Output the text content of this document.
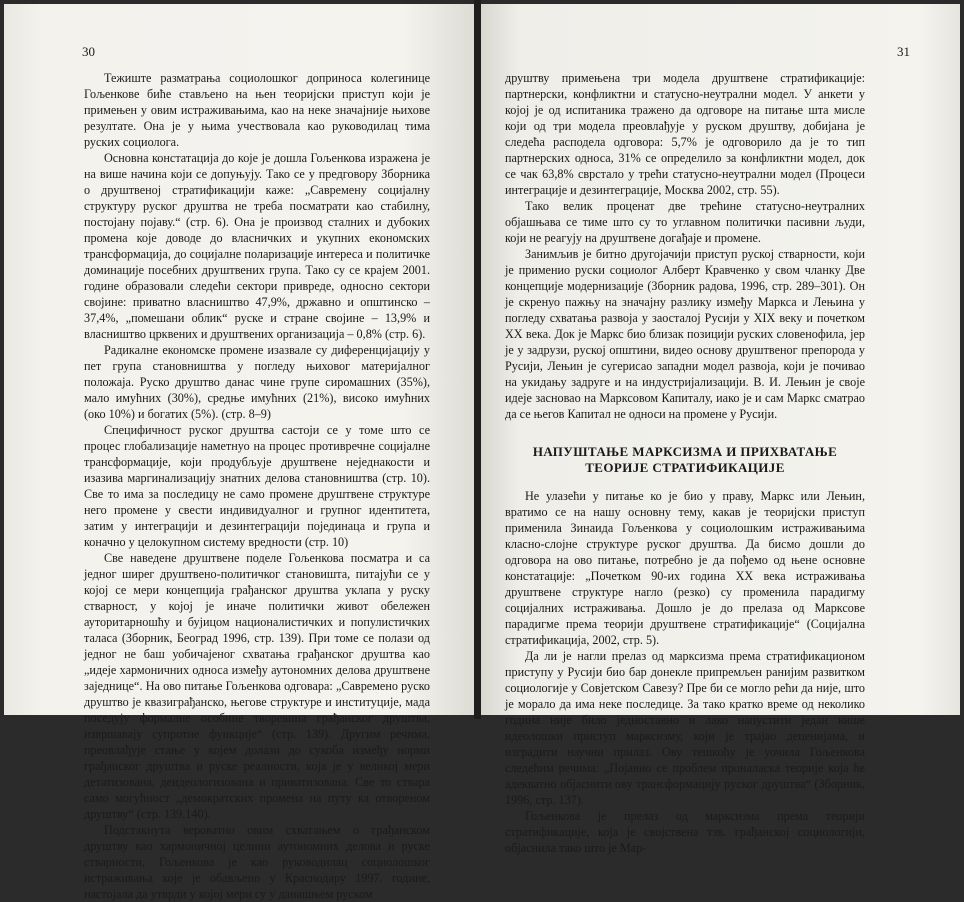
30

Тежиште разматрања социолошког доприноса колегинице Гољенкове биће стављено на њен теоријски приступ који је примењен у овим истраживањима, као на неке значајније њихове резултате. Она је у њима учествовала као руководилац тима руских социолога.

Основна констатација до које је дошла Гољенкова изражена је на више начина који се допуњују. Тако се у предговору Зборника о друштвеној стратификацији каже: „Савремену социјалну структуру руског друштва не треба посматрати као стабилну, постојану појаву.“ (стр. 6). Она је производ сталних и дубоких промена које доводе до власничких и укупних економских трансформација, до социјалне поларизације интереса и политичке доминације посебних друштвених група. Тако су се крајем 2001. године образовали следећи сектори привреде, односно сектори својине: приватно власништво 47,9%, државно и општинско – 37,4%, „помешани облик“ руске и стране својине – 13,9% и власништво црквених и друштвених организација – 0,8% (стр. 6).

Радикалне економске промене изазвале су диференцијацију у пет група становништва у погледу њиховог материјалног положаја. Руско друштво данас чине групе сиромашних (35%), мало имућних (30%), средње имућних (21%), високо имућних (око 10%) и богатих (5%). (стр. 8–9)

Специфичност руског друштва састоји се у томе што се процес глобализације наметнуо на процес противречне социјалне трансформације, који продубљује друштвене неједнакости и изазива маргинализацију знатних делова становништва (стр. 10). Све то има за последицу не само промене друштвене структуре него промене у свести индивидуалног и групног идентитета, затим у интеграцији и дезинтеграцији појединаца и група и коначно у целокупном систему вредности (стр. 10)

Све наведене друштвене поделе Гољенкова посматра и са једног ширег друштвено-политичког становишта, питајући се у којој се мери концепција грађанског друштва уклапа у руску стварност, у којој је иначе политички живот обележен ауторитарношћу и бујицом националистичких и популистичких таласа (Зборник, Београд 1996, стр. 139). При томе се полази од једног не баш уобичајеног схватања грађанског друштва као „идеје хармоничних односа између аутономних делова друштвене заједнице“. На ово питање Гољенкова одговара: „Савремено руско друштво је квазиграђанско, његове структуре и институције, мада поседују формалне особине творевина грађанског друштва, извршавају супротне функције“ (стр. 139). Другим речима, преовлађује стање у којем долази до сукоба између норми грађанског друштва и руске реалности, која је у великој мери детатизована, деидеологизована и приватизована. Све то ствара само могућност „демократских промена на путу ка отвореном друштву“ (стр. 139.140).

Подстакнута вероватно овим схватањем о грађанском друштву као хармоничној целини аутономних делова и руске стварности, Гољенкова је као руководилац социолошког истраживања које је обављено у Краснодару 1997. године, настојала да утврди у којој мери су у данашњем руском

31

друштву примењена три модела друштвене стратификације: партнерски, конфликтни и статусно-неутрални модел. У анкети у којој је од испитаника тражено да одговоре на питање шта мисле који од три модела преовлађује у руском друштву, добијана је следећа расподела одговора: 5,7% је одговорило да је то тип партнерских односа, 31% се определило за конфликтни модел, док се чак 63,8% сврстало у трећи статусно-неутрални модел (Процеси интеграције и дезинтеграције, Москва 2002, стр. 55).

Тако велик проценат две трећине статусно-неутралних објашњава се тиме што су то углавном политички пасивни људи, који не реагују на друштвене догађаје и промене.

Занимљив је битно другојачији приступ руској стварности, који је применио руски социолог Алберт Кравченко у свом чланку Две концепције модернизације (Зборник радова, 1996, стр. 289–301). Он је скренуо пажњу на значајну разлику између Маркса и Лењина у погледу схватања развоја у заосталој Русији у XIX веку и почетком XX века. Док је Маркс био близак позицији руских словенофила, јер је у задрузи, руској општини, видео основу друштвеног препорода у Русији, Лењин је сугерисао западни модел развоја, који је почивао на укидању задруге и на индустријализацији. В. И. Лењин је своје идеје засновао на Марксовом Капиталу, иако је и сам Маркс сматрао да се његов Капитал не односи на промене у Русији.

НАПУШТАЊЕ МАРКСИЗМА И ПРИХВАТАЊЕ
ТЕОРИЈЕ СТРАТИФИКАЦИЈЕ

Не улазећи у питање ко је био у праву, Маркс или Лењин, вратимо се на нашу основну тему, какав је теоријски приступ применила Зинаида Гољенкова у социолошким истраживањима класно-слојне структуре руског друштва. Да бисмо дошли до одговора на ово питање, потребно је да пођемо од њене основне констатације: „Почетком 90-их година XX века истраживања друштвене структуре нагло (резко) су променила парадигму социјалних истраживања. Дошло је до прелаза од Марксове парадигме према теорији друштвене стратификације“ (Социјална стратификација, 2002, стр. 5).

Да ли је нагли прелаз од марксизма према стратификационом приступу у Русији био бар донекле припремљен ранијим развитком социологије у Совјетском Савезу? Пре би се могло рећи да није, што је морало да има неке последице. За тако кратко време од неколико година није било једноставно и лако напустити један више идеолошки приступ марксизму, који је трајао деценијама, и изградити научни прилаз. Ову тешкоћу је уочила Гољенкова следећим речима: „Појавио се проблем проналаска теорије која ће адекватно објаснити ову трансформацију руског друштва“ (Зборник, 1996, стр. 137).

Гољенкова је прелаз од марксизма према теорији стратификације, која је својствена тзв. грађанској социологији, објаснила тако што је Мар-
